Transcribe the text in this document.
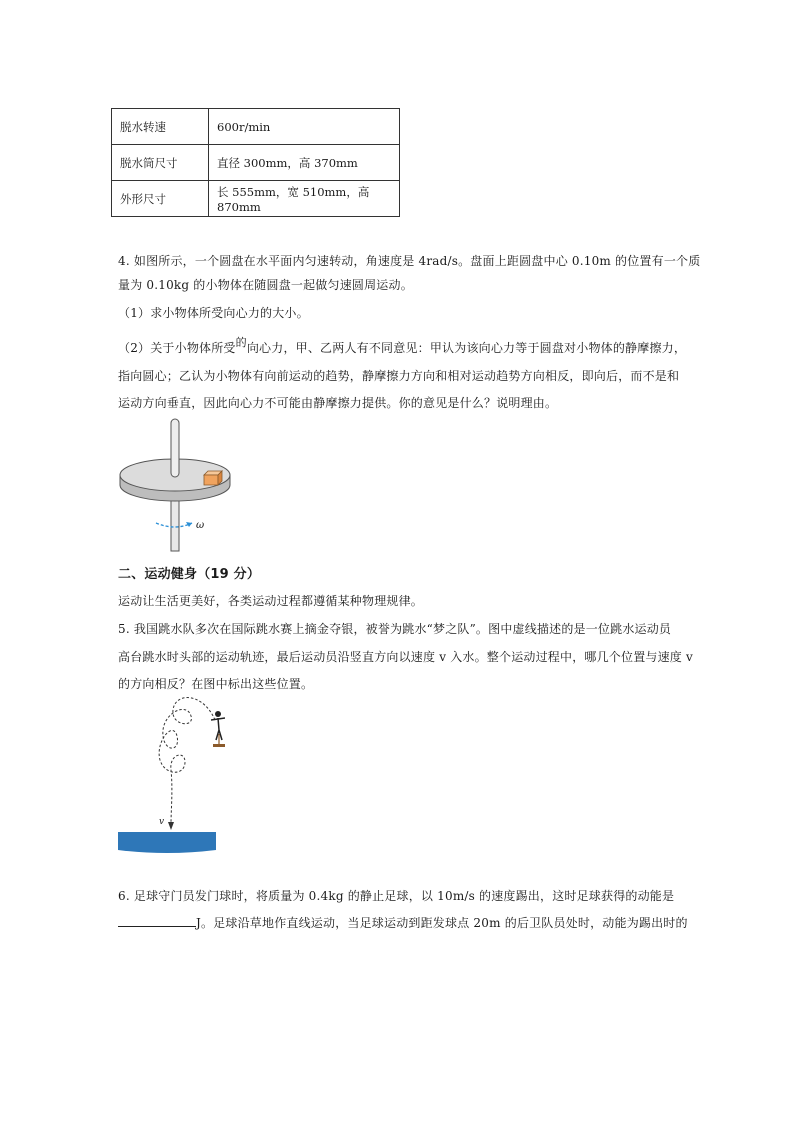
脱水转速	600r/min
脱水筒尺寸	直径 300mm，高 370mm
外形尺寸	长 555mm，宽 510mm，高 870mm
4. 如图所示，一个圆盘在水平面内匀速转动，角速度是 4rad/s。盘面上距圆盘中心 0.10m 的位置有一个质
量为 0.10kg 的小物体在随圆盘一起做匀速圆周运动。
（1）求小物体所受向心力的大小。
（2）关于小物体所受的向心力，甲、乙两人有不同意见：甲认为该向心力等于圆盘对小物体的静摩擦力，
指向圆心；乙认为小物体有向前运动的趋势，静摩擦力方向和相对运动趋势方向相反，即向后，而不是和
运动方向垂直，因此向心力不可能由静摩擦力提供。你的意见是什么？说明理由。
ω
二、运动健身（19 分）
运动让生活更美好，各类运动过程都遵循某种物理规律。
5. 我国跳水队多次在国际跳水赛上摘金夺银，被誉为跳水“梦之队”。图中虚线描述的是一位跳水运动员
高台跳水时头部的运动轨迹，最后运动员沿竖直方向以速度 v 入水。整个运动过程中，哪几个位置与速度 v
的方向相反？在图中标出这些位置。
v
6. 足球守门员发门球时，将质量为 0.4kg 的静止足球，以 10m/s 的速度踢出，这时足球获得的动能是
J。足球沿草地作直线运动，当足球运动到距发球点 20m 的后卫队员处时，动能为踢出时的
